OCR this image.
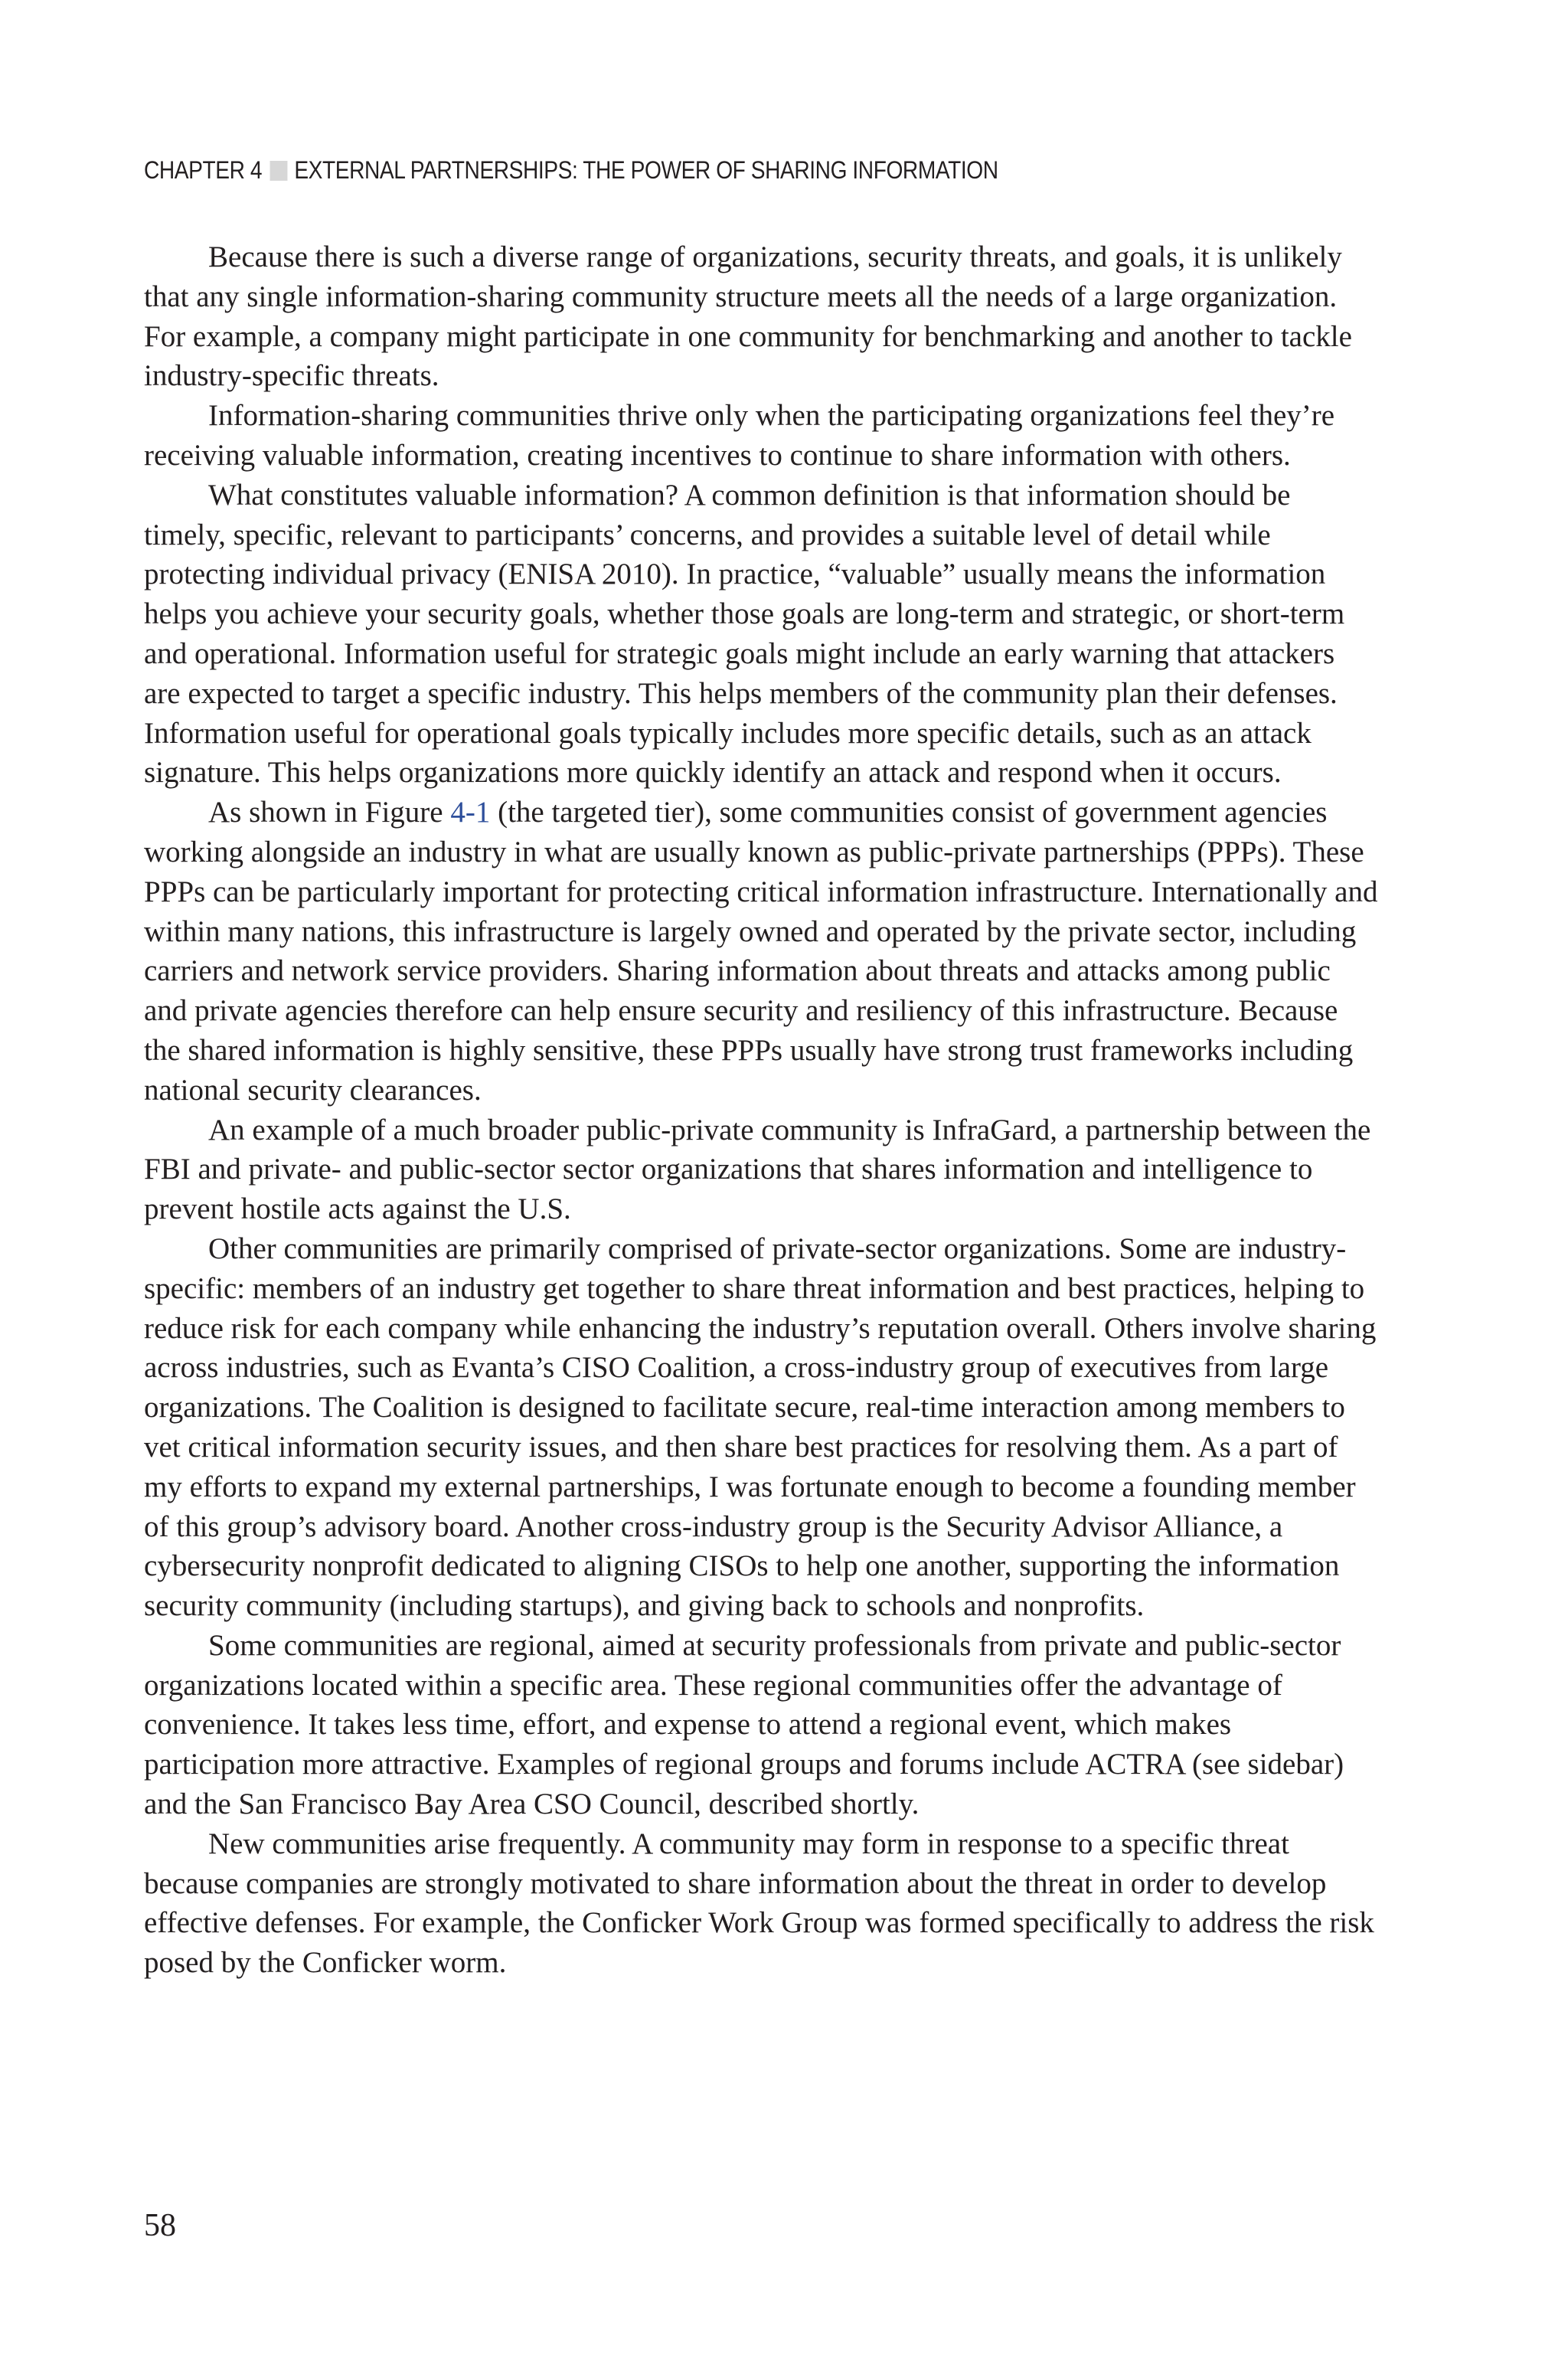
CHAPTER 4 EXTERNAL PARTNERSHIPS: THE POWER OF SHARING INFORMATION

Because there is such a diverse range of organizations, security threats, and goals, it is unlikely that any single information-sharing community structure meets all the needs of a large organization. For example, a company might participate in one community for benchmarking and another to tackle industry-specific threats.

Information-sharing communities thrive only when the participating organizations feel they’re receiving valuable information, creating incentives to continue to share information with others.

What constitutes valuable information? A common definition is that information should be timely, specific, relevant to participants’ concerns, and provides a suitable level of detail while protecting individual privacy (ENISA 2010). In practice, “valuable” usually means the information helps you achieve your security goals, whether those goals are long-term and strategic, or short-term and operational. Information useful for strategic goals might include an early warning that attackers are expected to target a specific industry. This helps members of the community plan their defenses. Information useful for operational goals typically includes more specific details, such as an attack signature. This helps organizations more quickly identify an attack and respond when it occurs.

As shown in Figure 4-1 (the targeted tier), some communities consist of government agencies working alongside an industry in what are usually known as public-private partnerships (PPPs). These PPPs can be particularly important for protecting critical information infrastructure. Internationally and within many nations, this infrastructure is largely owned and operated by the private sector, including carriers and network service providers. Sharing information about threats and attacks among public and private agencies therefore can help ensure security and resiliency of this infrastructure. Because the shared information is highly sensitive, these PPPs usually have strong trust frameworks including national security clearances.

An example of a much broader public-private community is InfraGard, a partnership between the FBI and private- and public-sector sector organizations that shares information and intelligence to prevent hostile acts against the U.S.

Other communities are primarily comprised of private-sector organizations. Some are industry-specific: members of an industry get together to share threat information and best practices, helping to reduce risk for each company while enhancing the industry’s reputation overall. Others involve sharing across industries, such as Evanta’s CISO Coalition, a cross-industry group of executives from large organizations. The Coalition is designed to facilitate secure, real-time interaction among members to vet critical information security issues, and then share best practices for resolving them. As a part of my efforts to expand my external partnerships, I was fortunate enough to become a founding member of this group’s advisory board. Another cross-industry group is the Security Advisor Alliance, a cybersecurity nonprofit dedicated to aligning CISOs to help one another, supporting the information security community (including startups), and giving back to schools and nonprofits.

Some communities are regional, aimed at security professionals from private and public-sector organizations located within a specific area. These regional communities offer the advantage of convenience. It takes less time, effort, and expense to attend a regional event, which makes participation more attractive. Examples of regional groups and forums include ACTRA (see sidebar) and the San Francisco Bay Area CSO Council, described shortly.

New communities arise frequently. A community may form in response to a specific threat because companies are strongly motivated to share information about the threat in order to develop effective defenses. For example, the Conficker Work Group was formed specifically to address the risk posed by the Conficker worm.

58
